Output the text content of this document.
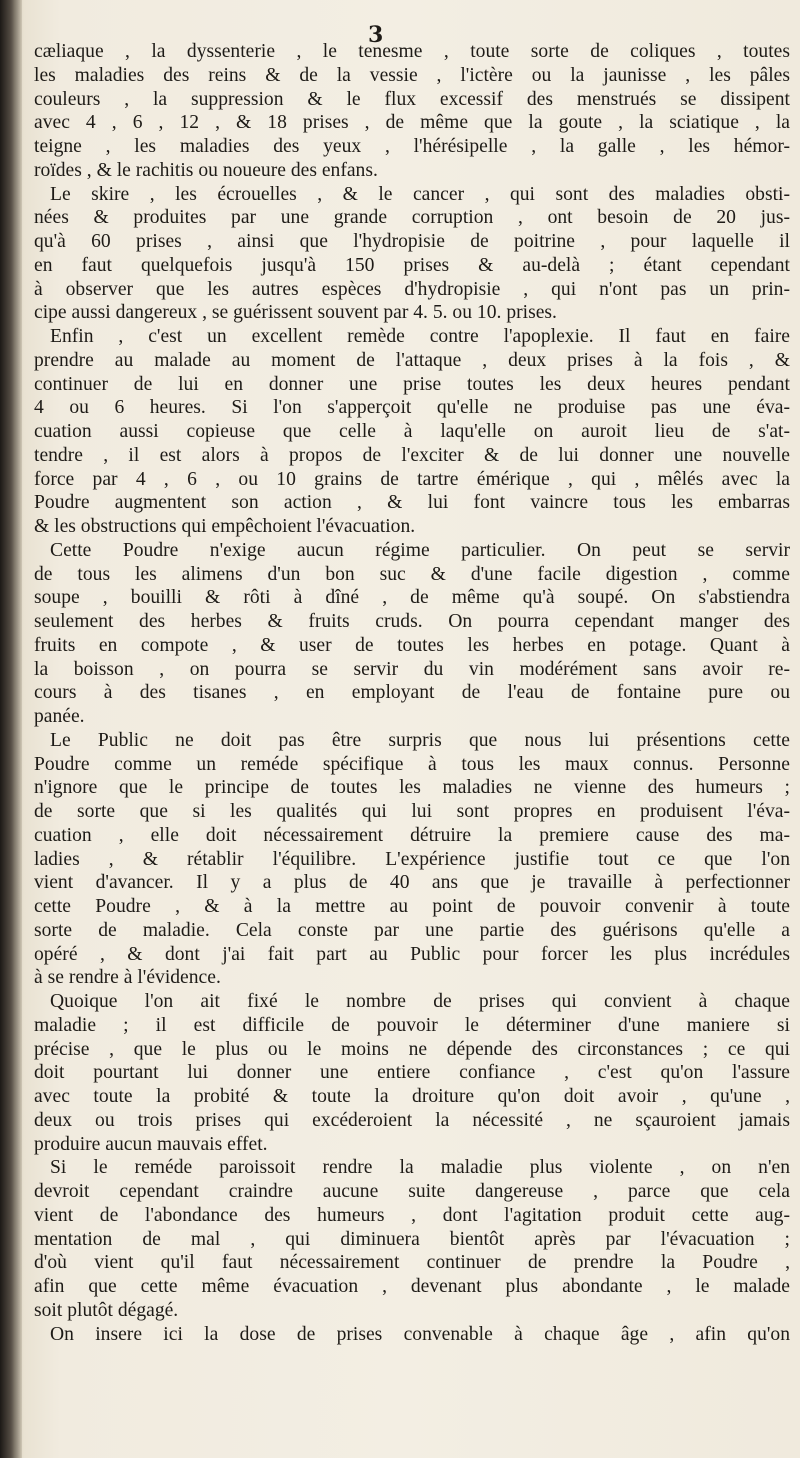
3
cæliaque , la dyssenterie , le tenesme , toute sorte de coliques , toutes
les maladies des reins & de la vessie , l'ictère ou la jaunisse , les pâles
couleurs , la suppression & le flux excessif des menstrués se dissipent
avec 4 , 6 , 12 , & 18 prises , de même que la goute , la sciatique , la
teigne , les maladies des yeux , l'hérésipelle , la galle , les hémor-
roïdes , & le rachitis ou noueure des enfans.
Le skire , les écrouelles , & le cancer , qui sont des maladies obsti-
nées & produites par une grande corruption , ont besoin de 20 jus-
qu'à 60 prises , ainsi que l'hydropisie de poitrine , pour laquelle il
en faut quelquefois jusqu'à 150 prises & au-delà ; étant cependant
à observer que les autres espèces d'hydropisie , qui n'ont pas un prin-
cipe aussi dangereux , se guérissent souvent par 4. 5. ou 10. prises.
Enfin , c'est un excellent remède contre l'apoplexie. Il faut en faire
prendre au malade au moment de l'attaque , deux prises à la fois , &
continuer de lui en donner une prise toutes les deux heures pendant
4 ou 6 heures. Si l'on s'apperçoit qu'elle ne produise pas une éva-
cuation aussi copieuse que celle à laqu'elle on auroit lieu de s'at-
tendre , il est alors à propos de l'exciter & de lui donner une nouvelle
force par 4 , 6 , ou 10 grains de tartre émérique , qui , mêlés avec la
Poudre augmentent son action , & lui font vaincre tous les embarras
& les obstructions qui empêchoient l'évacuation.
Cette Poudre n'exige aucun régime particulier. On peut se servir
de tous les alimens d'un bon suc & d'une facile digestion , comme
soupe , bouilli & rôti à dîné , de même qu'à soupé. On s'abstiendra
seulement des herbes & fruits cruds. On pourra cependant manger des
fruits en compote , & user de toutes les herbes en potage. Quant à
la boisson , on pourra se servir du vin modérément sans avoir re-
cours à des tisanes , en employant de l'eau de fontaine pure ou
panée.
Le Public ne doit pas être surpris que nous lui présentions cette
Poudre comme un reméde spécifique à tous les maux connus. Personne
n'ignore que le principe de toutes les maladies ne vienne des humeurs ;
de sorte que si les qualités qui lui sont propres en produisent l'éva-
cuation , elle doit nécessairement détruire la premiere cause des ma-
ladies , & rétablir l'équilibre. L'expérience justifie tout ce que l'on
vient d'avancer. Il y a plus de 40 ans que je travaille à perfectionner
cette Poudre , & à la mettre au point de pouvoir convenir à toute
sorte de maladie. Cela conste par une partie des guérisons qu'elle a
opéré , & dont j'ai fait part au Public pour forcer les plus incrédules
à se rendre à l'évidence.
Quoique l'on ait fixé le nombre de prises qui convient à chaque
maladie ; il est difficile de pouvoir le déterminer d'une maniere si
précise , que le plus ou le moins ne dépende des circonstances ; ce qui
doit pourtant lui donner une entiere confiance , c'est qu'on l'assure
avec toute la probité & toute la droiture qu'on doit avoir , qu'une ,
deux ou trois prises qui excéderoient la nécessité , ne sçauroient jamais
produire aucun mauvais effet.
Si le reméde paroissoit rendre la maladie plus violente , on n'en
devroit cependant craindre aucune suite dangereuse , parce que cela
vient de l'abondance des humeurs , dont l'agitation produit cette aug-
mentation de mal , qui diminuera bientôt après par l'évacuation ;
d'où vient qu'il faut nécessairement continuer de prendre la Poudre ,
afin que cette même évacuation , devenant plus abondante , le malade
soit plutôt dégagé.
On insere ici la dose de prises convenable à chaque âge , afin qu'on
